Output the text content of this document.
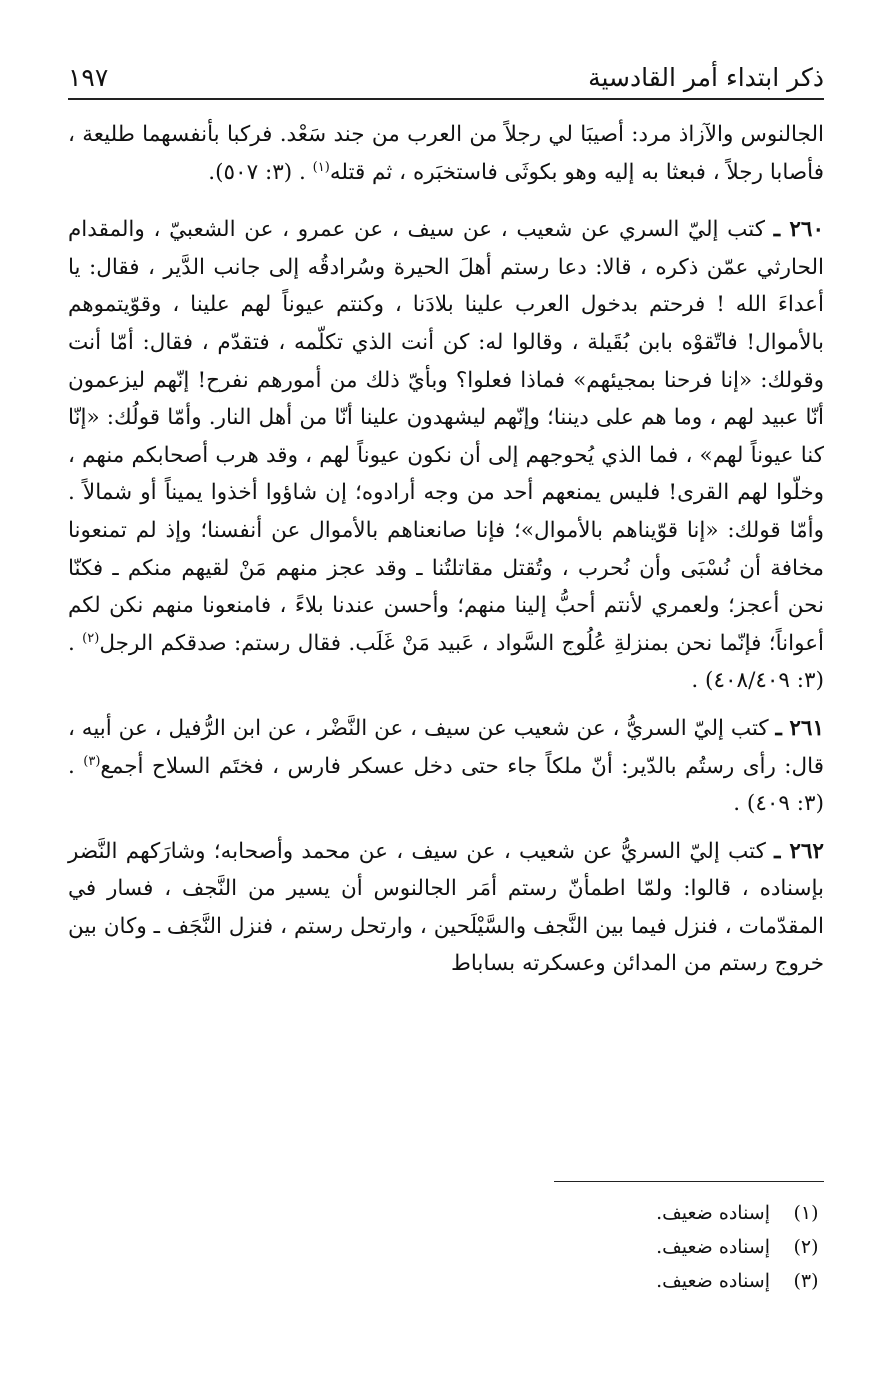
ذكر ابتداء أمر القادسية
١٩٧

الجالنوس والآزاذ مرد: أصيبَا لي رجلاً من العرب من جند سَعْد. فركبا بأنفسهما طليعة ، فأصابا رجلاً ، فبعثا به إليه وهو بكوثَى فاستخبَره ، ثم قتله$^{(١)}$ . (٣: ٥٠٧).

٢٦٠ ـ كتب إليّ السري عن شعيب ، عن سيف ، عن عمرو ، عن الشعبيّ ، والمقدام الحارثي عمّن ذكره ، قالا: دعا رستم أهلَ الحيرة وسُرادقُه إلى جانب الدَّير ، فقال: يا أعداءَ الله ! فرحتم بدخول العرب علينا بلادَنا ، وكنتم عيوناً لهم علينا ، وقوّيتموهم بالأموال! فاتّقوْه بابن بُقَيلة ، وقالوا له: كن أنت الذي تكلّمه ، فتقدّم ، فقال: أمّا أنت وقولك: «إنا فرحنا بمجيئهم» فماذا فعلوا؟ وبأيّ ذلك من أمورهم نفرح! إنّهم ليزعمون أنّا عبيد لهم ، وما هم على ديننا؛ وإنّهم ليشهدون علينا أنّا من أهل النار. وأمّا قولُك: «إنّا كنا عيوناً لهم» ، فما الذي يُحوجهم إلى أن نكون عيوناً لهم ، وقد هرب أصحابكم منهم ، وخلّوا لهم القرى! فليس يمنعهم أحد من وجه أرادوه؛ إن شاؤوا أخذوا يميناً أو شمالاً . وأمّا قولك: «إنا قوّيناهم بالأموال»؛ فإنا صانعناهم بالأموال عن أنفسنا؛ وإذ لم تمنعونا مخافة أن نُسْبَى وأن نُحرب ، وتُقتل مقاتلتُنا ـ وقد عجز منهم مَنْ لقيهم منكم ـ فكنّا نحن أعجز؛ ولعمري لأنتم أحبُّ إلينا منهم؛ وأحسن عندنا بلاءً ، فامنعونا منهم نكن لكم أعواناً؛ فإنّما نحن بمنزلةِ عُلُوج السَّواد ، عَبيد مَنْ غَلَب. فقال رستم: صدقكم الرجل$^{(٢)}$ . (٣: ٤٠٨/٤٠٩) .

٢٦١ ـ كتب إليّ السريُّ ، عن شعيب عن سيف ، عن النَّضْر ، عن ابن الرُّفيل ، عن أبيه ، قال: رأى رستُم بالدّير: أنّ ملكاً جاء حتى دخل عسكر فارس ، فختَم السلاح أجمع$^{(٣)}$ . (٣: ٤٠٩) .

٢٦٢ ـ كتب إليّ السريُّ عن شعيب ، عن سيف ، عن محمد وأصحابه؛ وشارَكهم النَّضر بإسناده ، قالوا: ولمّا اطمأنّ رستم أمَر الجالنوس أن يسير من النَّجف ، فسار في المقدّمات ، فنزل فيما بين النَّجف والسَّيْلَحين ، وارتحل رستم ، فنزل النَّجَف ـ وكان بين خروج رستم من المدائن وعسكرته بساباط

(١)
إسناده ضعيف.
(٢)
إسناده ضعيف.
(٣)
إسناده ضعيف.
